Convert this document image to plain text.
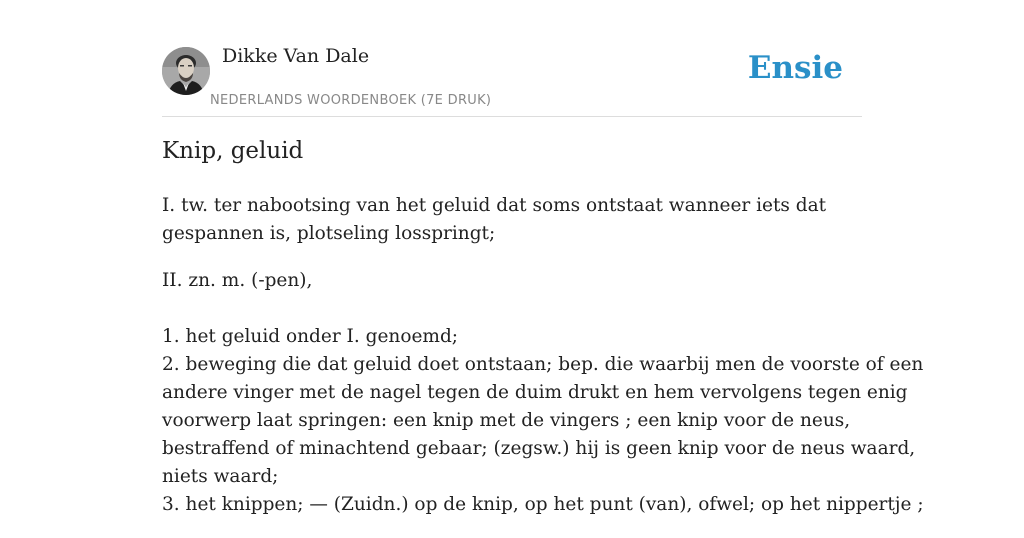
Dikke Van Dale
NEDERLANDS WOORDENBOEK (7E DRUK)
Ensie
Knip, geluid

I. tw. ter nabootsing van het geluid dat soms ontstaat wanneer iets dat
gespannen is, plotseling losspringt;

II. zn. m. (-pen),
1. het geluid onder I. genoemd;
2. beweging die dat geluid doet ontstaan; bep. die waarbij men de voorste of een
andere vinger met de nagel tegen de duim drukt en hem vervolgens tegen enig
voorwerp laat springen: een knip met de vingers ; een knip voor de neus,
bestraffend of minachtend gebaar; (zegsw.) hij is geen knip voor de neus waard,
niets waard;
3. het knippen; — (Zuidn.) op de knip, op het punt (van), ofwel; op het nippertje ;
